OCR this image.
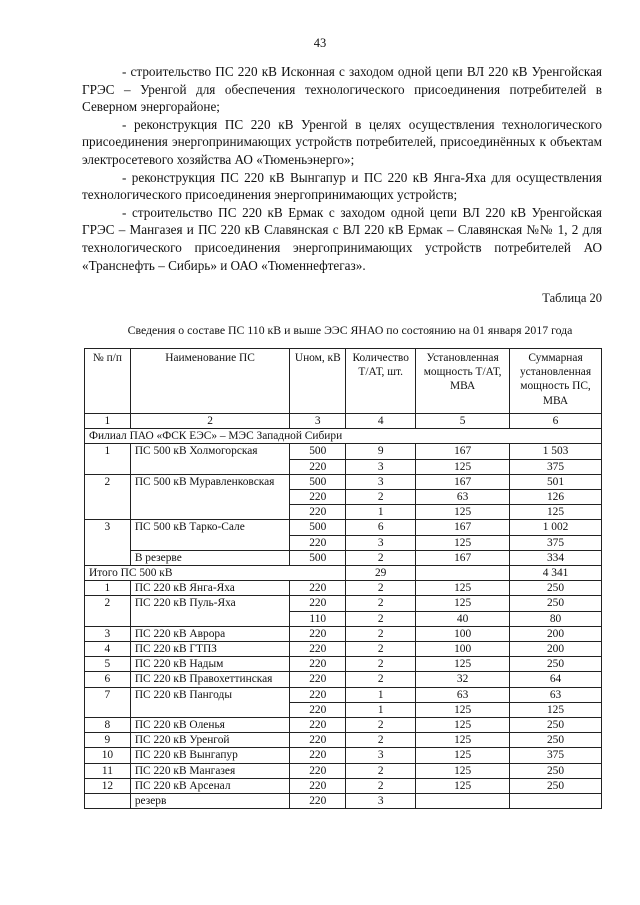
43

- строительство ПС 220 кВ Исконная с заходом одной цепи ВЛ 220 кВ Уренгойская ГРЭС – Уренгой для обеспечения технологического присоединения потребителей в Северном энергорайоне;

- реконструкция ПС 220 кВ Уренгой в целях осуществления технологического присоединения энергопринимающих устройств потребителей, присоединённых к объектам электросетевого хозяйства АО «Тюменьэнерго»;

- реконструкция ПС 220 кВ Вынгапур и ПС 220 кВ Янга-Яха для осуществления технологического присоединения энергопринимающих устройств;

- строительство ПС 220 кВ Ермак с заходом одной цепи ВЛ 220 кВ Уренгойская ГРЭС – Мангазея и ПС 220 кВ Славянская с ВЛ 220 кВ Ермак – Славянская №№ 1, 2 для технологического присоединения энергопринимающих устройств потребителей АО «Транснефть – Сибирь» и ОАО «Тюменнефтегаз».

Таблица 20
Сведения о составе ПС 110 кВ и выше ЭЭС ЯНАО по состоянию на 01 января 2017 года
№ п/п	Наименование ПС	Uном, кВ	Количество Т/АТ, шт.	Установленная мощность Т/АТ, МВА	Суммарная установленная мощность ПС, МВА
1	2	3	4	5	6
Филиал ПАО «ФСК ЕЭС» – МЭС Западной Сибири					
1	ПС 500 кВ Холмогорская	500	9	167	1 503
		220	3	125	375
2	ПС 500 кВ Муравленковская	500	3	167	501
		220	2	63	126
		220	1	125	125
3	ПС 500 кВ Тарко-Сале	500	6	167	1 002
		220	3	125	375
	В резерве	500	2	167	334
Итого ПС 500 кВ			29		4 341
1	ПС 220 кВ Янга-Яха	220	2	125	250
2	ПС 220 кВ Пуль-Яха	220	2	125	250
		110	2	40	80
3	ПС 220 кВ Аврора	220	2	100	200
4	ПС 220 кВ ГТПЗ	220	2	100	200
5	ПС 220 кВ Надым	220	2	125	250
6	ПС 220 кВ Правохеттинская	220	2	32	64
7	ПС 220 кВ Пангоды	220	1	63	63
		220	1	125	125
8	ПС 220 кВ Оленья	220	2	125	250
9	ПС 220 кВ Уренгой	220	2	125	250
10	ПС 220 кВ Вынгапур	220	3	125	375
11	ПС 220 кВ Мангазея	220	2	125	250
12	ПС 220 кВ Арсенал	220	2	125	250
	резерв	220	3		
